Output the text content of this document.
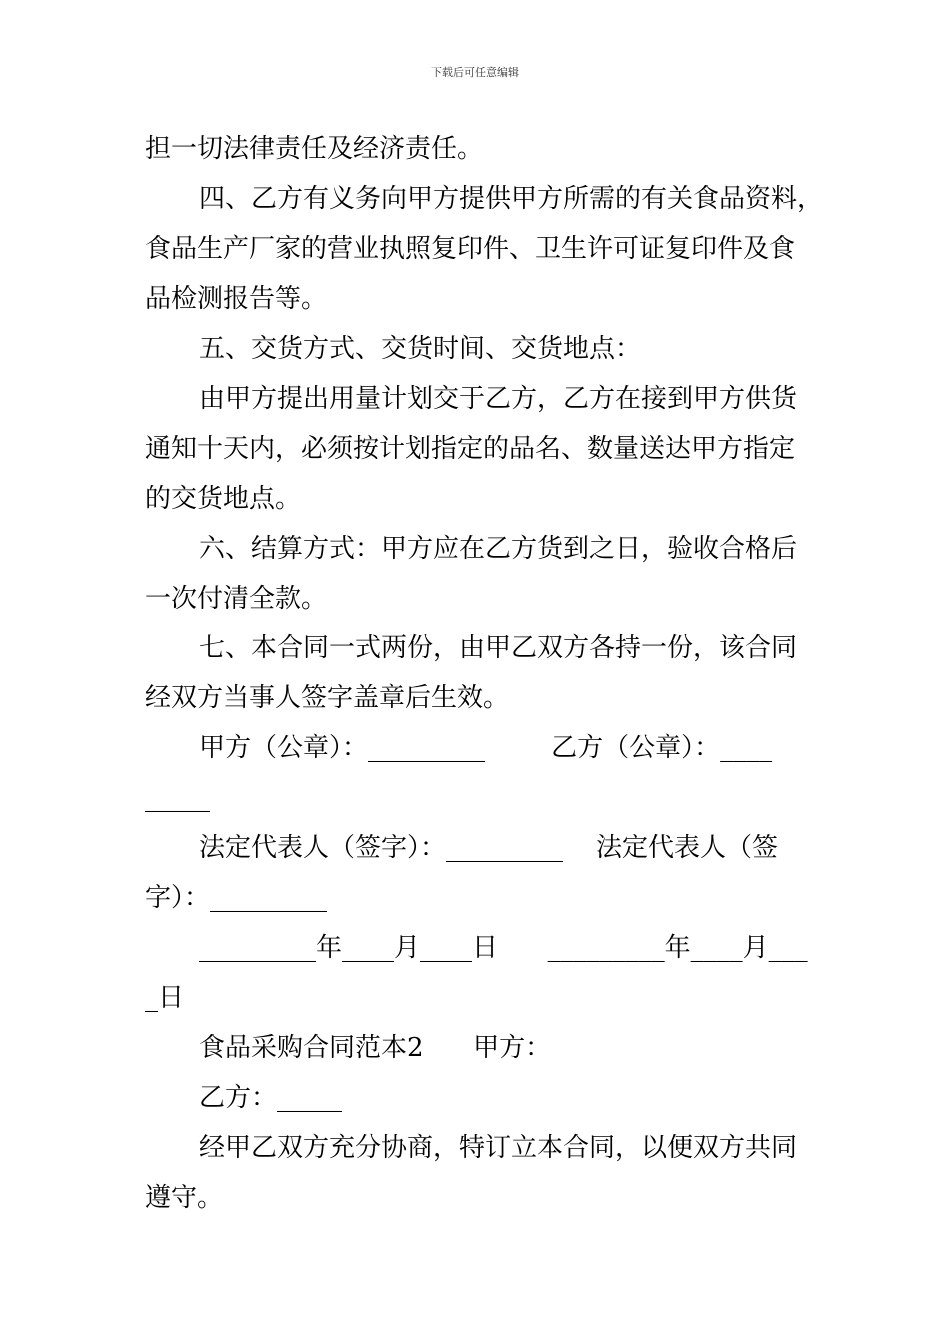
下载后可任意编辑
担一切法律责任及经济责任。
四、乙方有义务向甲方提供甲方所需的有关食品资料，
食品生产厂家的营业执照复印件、卫生许可证复印件及食
品检测报告等。
五、交货方式、交货时间、交货地点：
由甲方提出用量计划交于乙方，乙方在接到甲方供货
通知十天内，必须按计划指定的品名、数量送达甲方指定
的交货地点。
六、结算方式：甲方应在乙方货到之日，验收合格后
一次付清全款。
七、本合同一式两份，由甲乙双方各持一份，该合同
经双方当事人签字盖章后生效。
甲方（公章）：_________        乙方（公章）：____
_____
法定代表人（签字）：_________    法定代表人（签
字）：_________
_________年____月____日      _________年____月___
_日
食品采购合同范本2      甲方：
乙方：_____
经甲乙双方充分协商，特订立本合同，以便双方共同
遵守。
